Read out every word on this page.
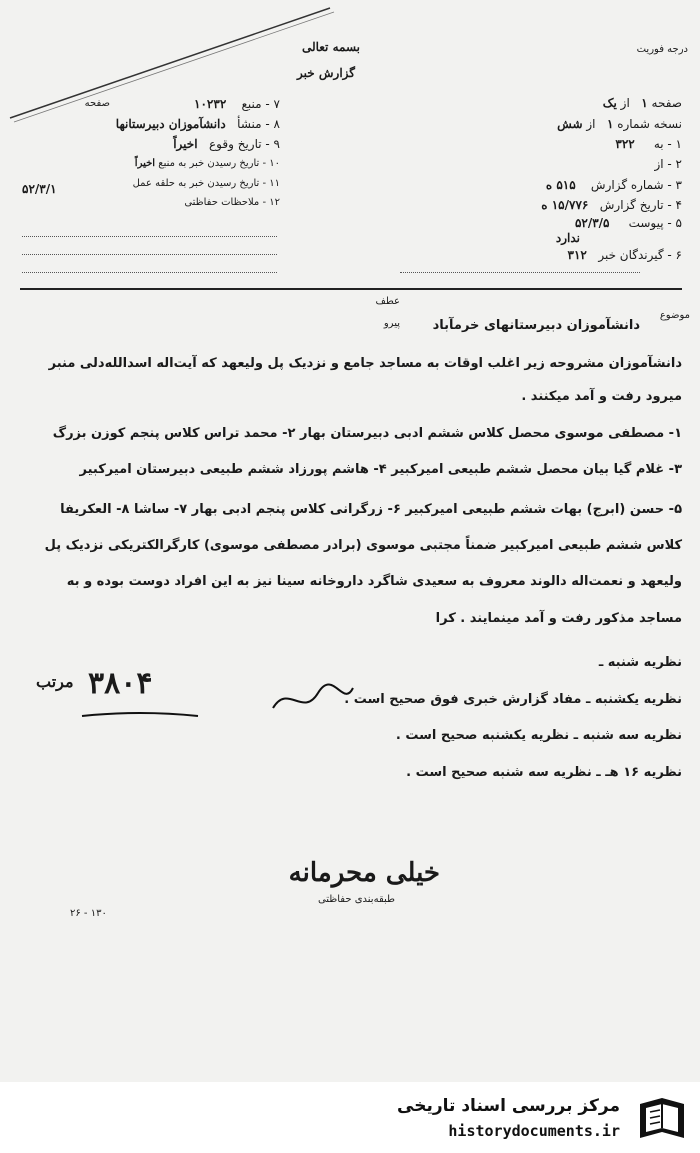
بسمه تعالی
گزارش خبر
درجه فوریت
صفحه	صفحه ۱   از یک
نسخه شماره ۱   از شش
۱ - به     ۳۲۲
۲ - از
۳ - شماره گزارش    ۵۱۵ ه
۴ - تاریخ گزارش   ۱۵/۷۷۶ ه
۵ - پیوست     ۵۲/۳/۵
ندارد
۶ - گیرندگان خبر   ۳۱۲
۷ - منبع    ۱۰۲۳۲
۸ - منشأ   دانشآموزان دبیرستانها
۹ - تاریخ وقوع   اخیراً
۱۰ - تاریخ رسیدن خبر به منبع اخیراً
۱۱ - تاریخ رسیدن خبر به حلقه عمل
۵۲/۳/۱
۱۲ - ملاحظات حفاظتی
عطف
پیرو
موضوع
دانشآموزان دبیرستانهای خرمآباد
دانشآموزان مشروحه زیر اغلب اوقات به مساجد جامع و نزدیک پل ولیعهد که آیت‌اله اسدالله‌دلی منبر
میرود رفت و آمد میکنند .
۱- مصطفی موسوی محصل کلاس ششم ادبی دبیرستان بهار ۲- محمد تراس کلاس پنجم کوزن بزرگ
۳- غلام گیا بیان محصل ششم طبیعی امیرکبیر ۴- هاشم پورزاد ششم طبیعی دبیرستان امیرکبیر
۵- حسن (ابرج) بهات ششم طبیعی امیرکبیر ۶- زرگرانی کلاس پنجم ادبی بهار ۷- ساشا ۸- العکریفا
کلاس ششم طبیعی امیرکبیر ضمناً مجتبی موسوی (برادر مصطفی موسوی) کارگرالکتریکی نزدیک پل
ولیعهد و نعمت‌اله دالوند معروف به سعیدی شاگرد داروخانه سینا نیز به این افراد دوست بوده و به
مساجد مذکور رفت و آمد مینمایند . کرا
نظریه شنبه ـ
نظریه یکشنبه ـ مفاد گزارش خبری فوق صحیح است .
نظریه سه شنبه ـ نظریه یکشنبه صحیح است .
نظریه ۱۶ هـ ـ نظریه سه شنبه صحیح است .
۳۸۰۴
مرتب
خیلی محرمانه
طبقه‌بندی حفاظتی
۲۶ - ۱۳۰
مرکز بررسی اسناد تاریخی
historydocuments.ir
